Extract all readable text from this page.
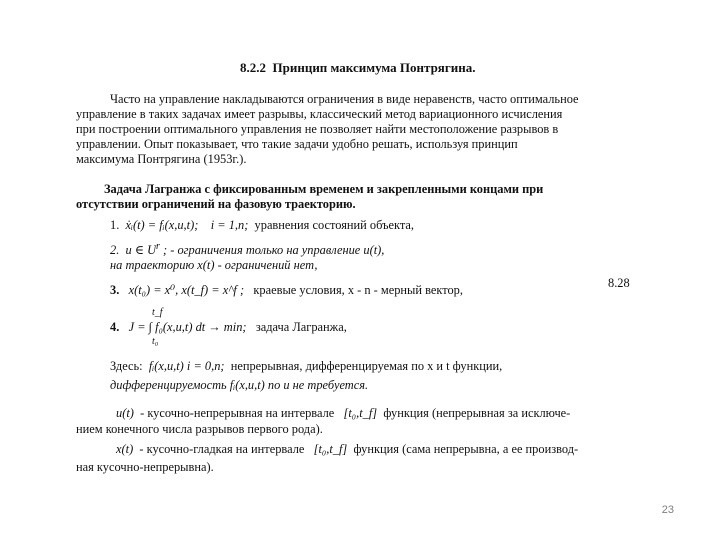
8.2.2 Принцип максимума Понтрягина.
Часто на управление накладываются ограничения в виде неравенств, часто оптимальное
управление в таких задачах имеет разрывы, классический метод вариационного исчисления
при построении оптимального управления не позволяет найти местоположение разрывов в
управлении. Опыт показывает, что такие задачи удобно решать, используя принцип
максимума Понтрягина (1953г.).
Задача Лагранжа с фиксированным временем и закрепленными концами при
отсутствии ограничений на фазовую траекторию.
1. ẋᵢ(t) = fᵢ(x,u,t); i = 1,n; уравнения состояний объекта,
2. u ∈ $U^r$ ; - ограничения только на управление u(t),
на траекторию x(t) - ограничений нет,
3. x(t₀) = x⁰, x(t_f) = x^f ; краевые условия, x - n - мерный вектор,	8.28
t_f
4. J = ∫ f₀(x,u,t) dt → min; задача Лагранжа,
t₀
Здесь: fᵢ(x,u,t) i = 0,n; непрерывная, дифференцируемая по x и t функции,
дифференцируемость fᵢ(x,u,t) по u не требуется.
u(t) - кусочно-непрерывная на интервале [t₀,t_f] функция (непрерывная за исключе-
нием конечного числа разрывов первого рода).
x(t) - кусочно-гладкая на интервале [t₀,t_f] функция (сама непрерывна, а ее производ-
ная кусочно-непрерывна).
23
